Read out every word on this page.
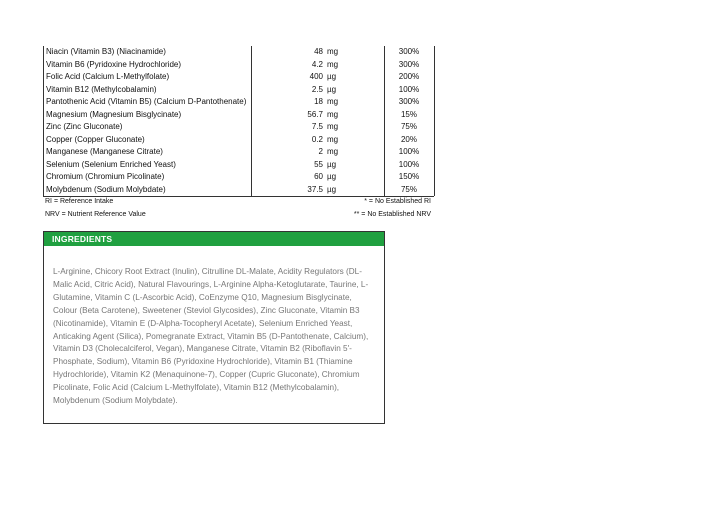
Niacin (Vitamin B3) (Niacinamide)	48 mg	300%
Vitamin B6 (Pyridoxine Hydrochloride)	4.2 mg	300%
Folic Acid (Calcium L-Methylfolate)	400 µg	200%
Vitamin B12 (Methylcobalamin)	2.5 µg	100%
Pantothenic Acid (Vitamin B5) (Calcium D-Pantothenate)	18 mg	300%
Magnesium (Magnesium Bisglycinate)	56.7 mg	15%
Zinc (Zinc Gluconate)	7.5 mg	75%
Copper (Copper Gluconate)	0.2 mg	20%
Manganese (Manganese Citrate)	2 mg	100%
Selenium (Selenium Enriched Yeast)	55 µg	100%
Chromium (Chromium Picolinate)	60 µg	150%
Molybdenum (Sodium Molybdate)	37.5 µg	75%
RI = Reference Intake
NRV = Nutrient Reference Value
* = No Established RI
** = No Established NRV
INGREDIENTS
L-Arginine, Chicory Root Extract (Inulin), Citrulline DL-Malate, Acidity Regulators (DL-
Malic Acid, Citric Acid), Natural Flavourings, L-Arginine Alpha-Ketoglutarate, Taurine, L-
Glutamine, Vitamin C (L-Ascorbic Acid), CoEnzyme Q10, Magnesium Bisglycinate,
Colour (Beta Carotene), Sweetener (Steviol Glycosides), Zinc Gluconate, Vitamin B3
(Nicotinamide), Vitamin E (D-Alpha-Tocopheryl Acetate), Selenium Enriched Yeast,
Anticaking Agent (Silica), Pomegranate Extract, Vitamin B5 (D-Pantothenate, Calcium),
Vitamin D3 (Cholecalciferol, Vegan), Manganese Citrate, Vitamin B2 (Riboflavin 5'-
Phosphate, Sodium), Vitamin B6 (Pyridoxine Hydrochloride), Vitamin B1 (Thiamine
Hydrochloride), Vitamin K2 (Menaquinone-7), Copper (Cupric Gluconate), Chromium
Picolinate, Folic Acid (Calcium L-Methylfolate), Vitamin B12 (Methylcobalamin),
Molybdenum (Sodium Molybdate).
